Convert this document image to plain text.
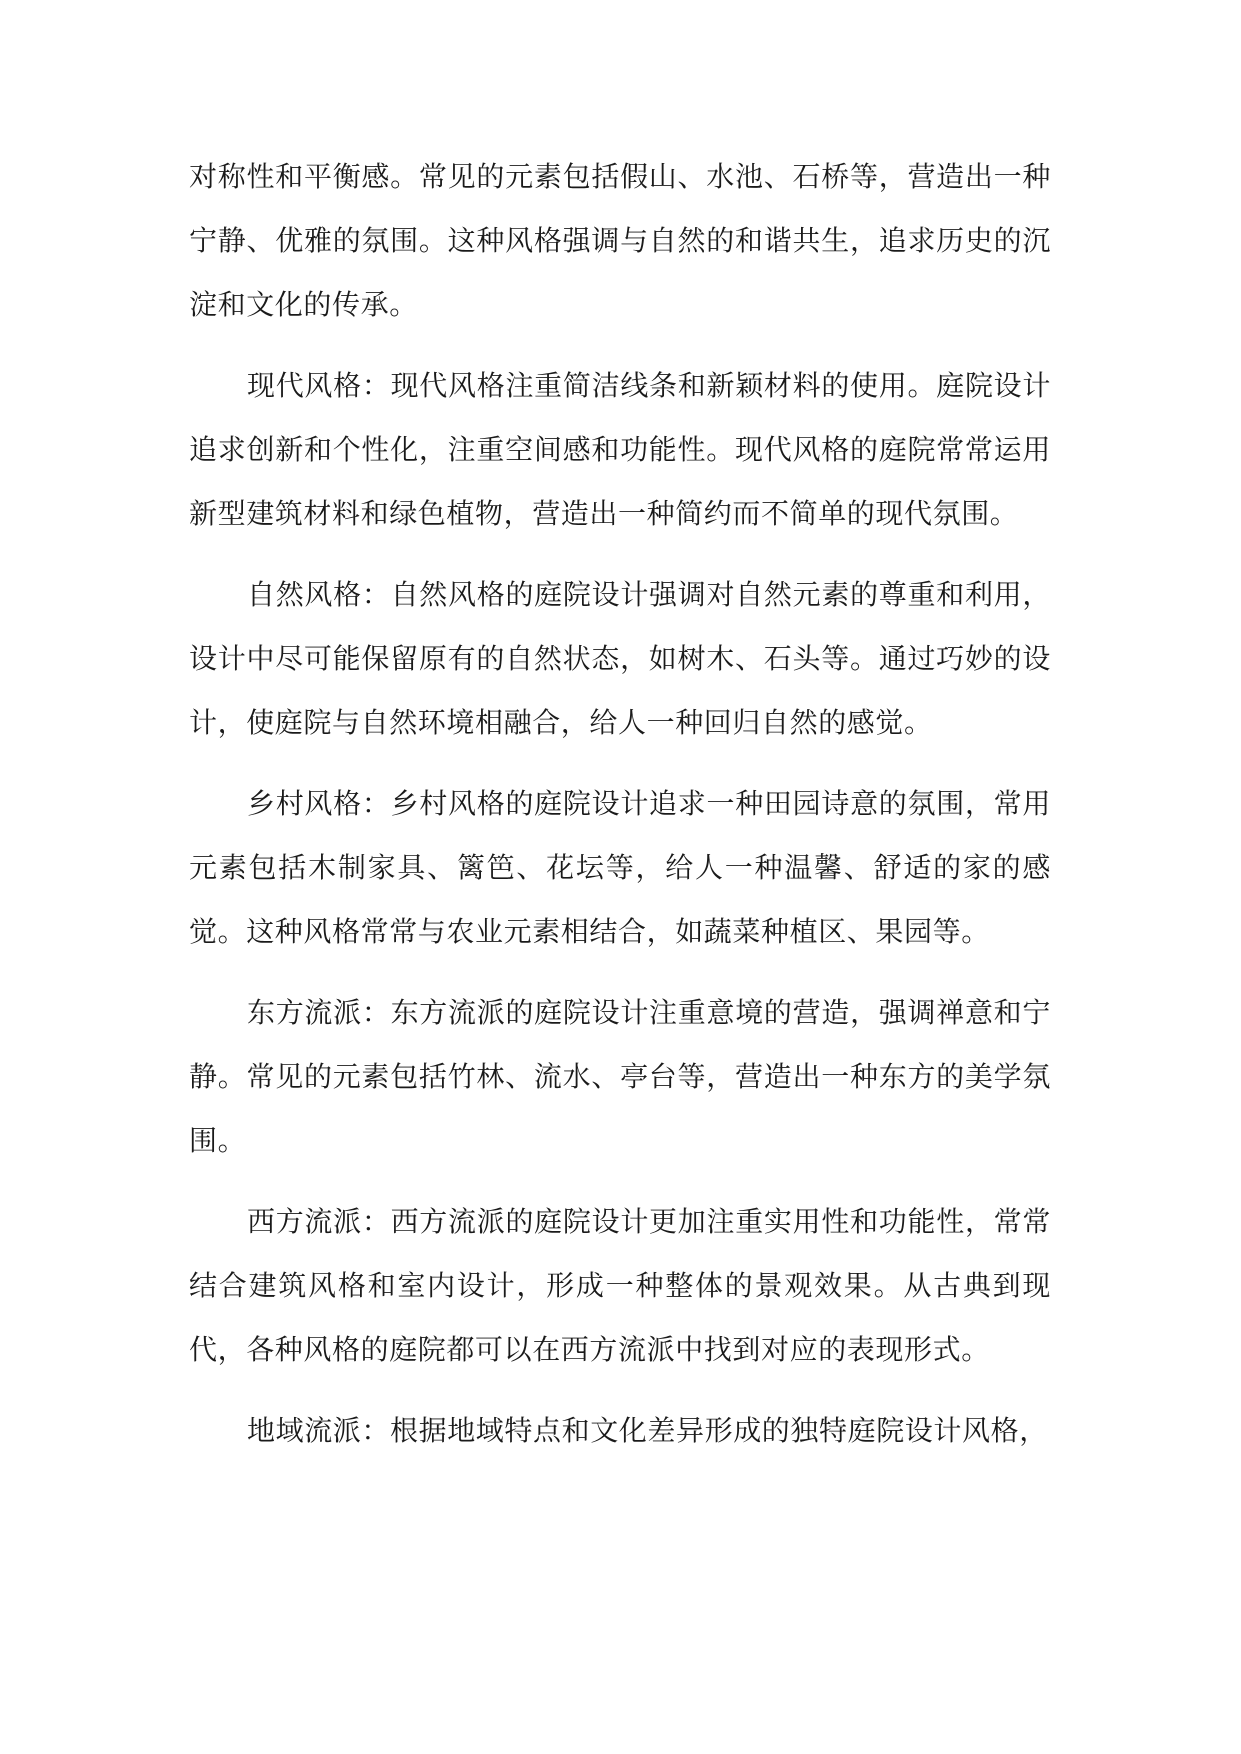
对称性和平衡感。常见的元素包括假山、水池、石桥等，营造出一种宁静、优雅的氛围。这种风格强调与自然的和谐共生，追求历史的沉淀和文化的传承。

现代风格：现代风格注重简洁线条和新颖材料的使用。庭院设计追求创新和个性化，注重空间感和功能性。现代风格的庭院常常运用新型建筑材料和绿色植物，营造出一种简约而不简单的现代氛围。

自然风格：自然风格的庭院设计强调对自然元素的尊重和利用，设计中尽可能保留原有的自然状态，如树木、石头等。通过巧妙的设计，使庭院与自然环境相融合，给人一种回归自然的感觉。

乡村风格：乡村风格的庭院设计追求一种田园诗意的氛围，常用元素包括木制家具、篱笆、花坛等，给人一种温馨、舒适的家的感觉。这种风格常常与农业元素相结合，如蔬菜种植区、果园等。

东方流派：东方流派的庭院设计注重意境的营造，强调禅意和宁静。常见的元素包括竹林、流水、亭台等，营造出一种东方的美学氛围。

西方流派：西方流派的庭院设计更加注重实用性和功能性，常常结合建筑风格和室内设计，形成一种整体的景观效果。从古典到现代，各种风格的庭院都可以在西方流派中找到对应的表现形式。

地域流派：根据地域特点和文化差异形成的独特庭院设计风格，
